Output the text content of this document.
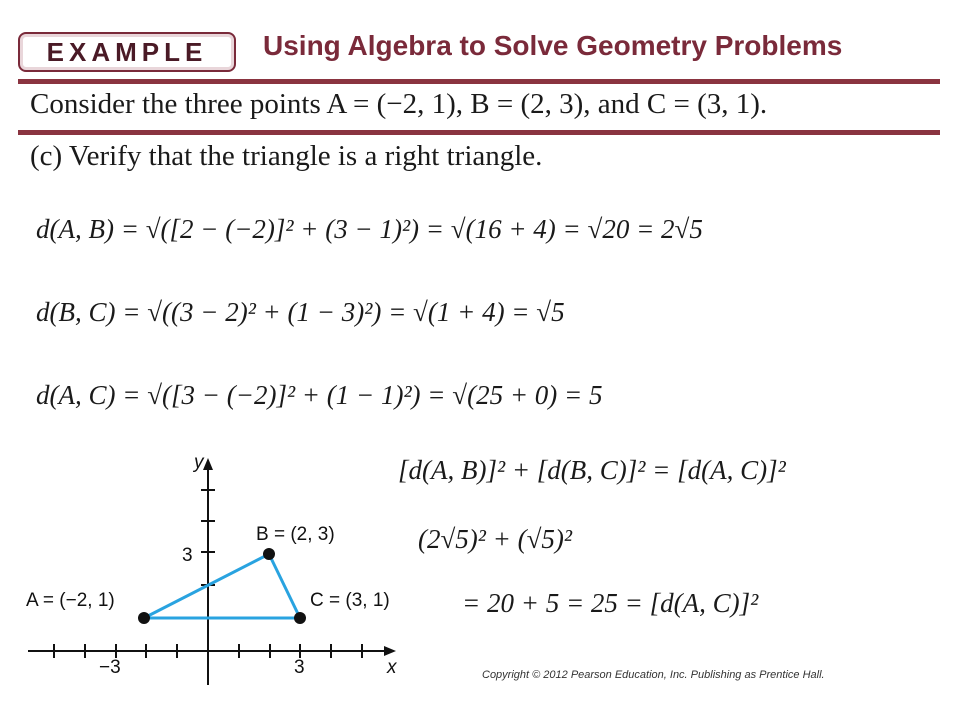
EXAMPLE	Using Algebra to Solve Geometry Problems
Consider the three points A = (−2, 1), B = (2, 3), and C = (3, 1).
(c) Verify that the triangle is a right triangle.
d(A, B) = √([2 − (−2)]² + (3 − 1)²) = √(16 + 4) = √20 = 2√5
d(B, C) = √((3 − 2)² + (1 − 3)²) = √(1 + 4) = √5
d(A, C) = √([3 − (−2)]² + (1 − 1)²) = √(25 + 0) = 5
[d(A, B)]² + [d(B, C)]² = [d(A, C)]²
(2√5)² + (√5)²
= 20 + 5 = 25 = [d(A, C)]²
y
x
−3	3
3
B = (2, 3)
A = (−2, 1)	C = (3, 1)
Copyright © 2012 Pearson Education, Inc. Publishing as Prentice Hall.
